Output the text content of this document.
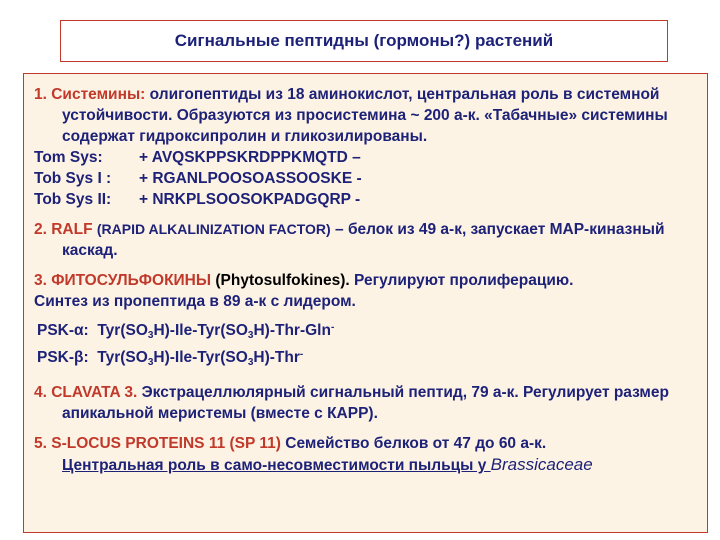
Сигнальные пептидны (гормоны?) растений
1. Системины: олигопептиды из 18 аминокислот, центральная роль в системной устойчивости. Образуются из просистемина ~ 200 а-к. «Табачные» системины содержат гидроксипролин и гликозилированы.
Tom Sys: + AVQSKPPSKRDPPKMQTD –
Tob Sys I : + RGANLPOOSOASSOOSKE -
Tob Sys II: + NRKPLSOOSOKPADGQRP -
2. RALF (RAPID ALKALINIZATION FACTOR) – белок из 49 а-к, запускает МАР-киназный каскад.
3. ФИТОСУЛЬФОКИНЫ (Phytosulfokines). Регулируют пролиферацию.
Синтез из пропептида в 89 а-к с лидером.
PSK-α: $Tyr(SO_3H)-Ile-Tyr(SO_3H)-Thr-Gln^-$
PSK-β: $Tyr(SO_3H)-Ile-Tyr(SO_3H)-Thr^-$
4. CLAVATA 3. Экстрацеллюлярный сигнальный пептид, 79 а-к. Регулирует размер апикальной меристемы (вместе с КАРР).
5. S-LOCUS PROTEINS 11 (SP 11) Семейство белков от 47 до 60 а-к.
Центральная роль в само-несовместимости пыльцы у Brassicaceae
